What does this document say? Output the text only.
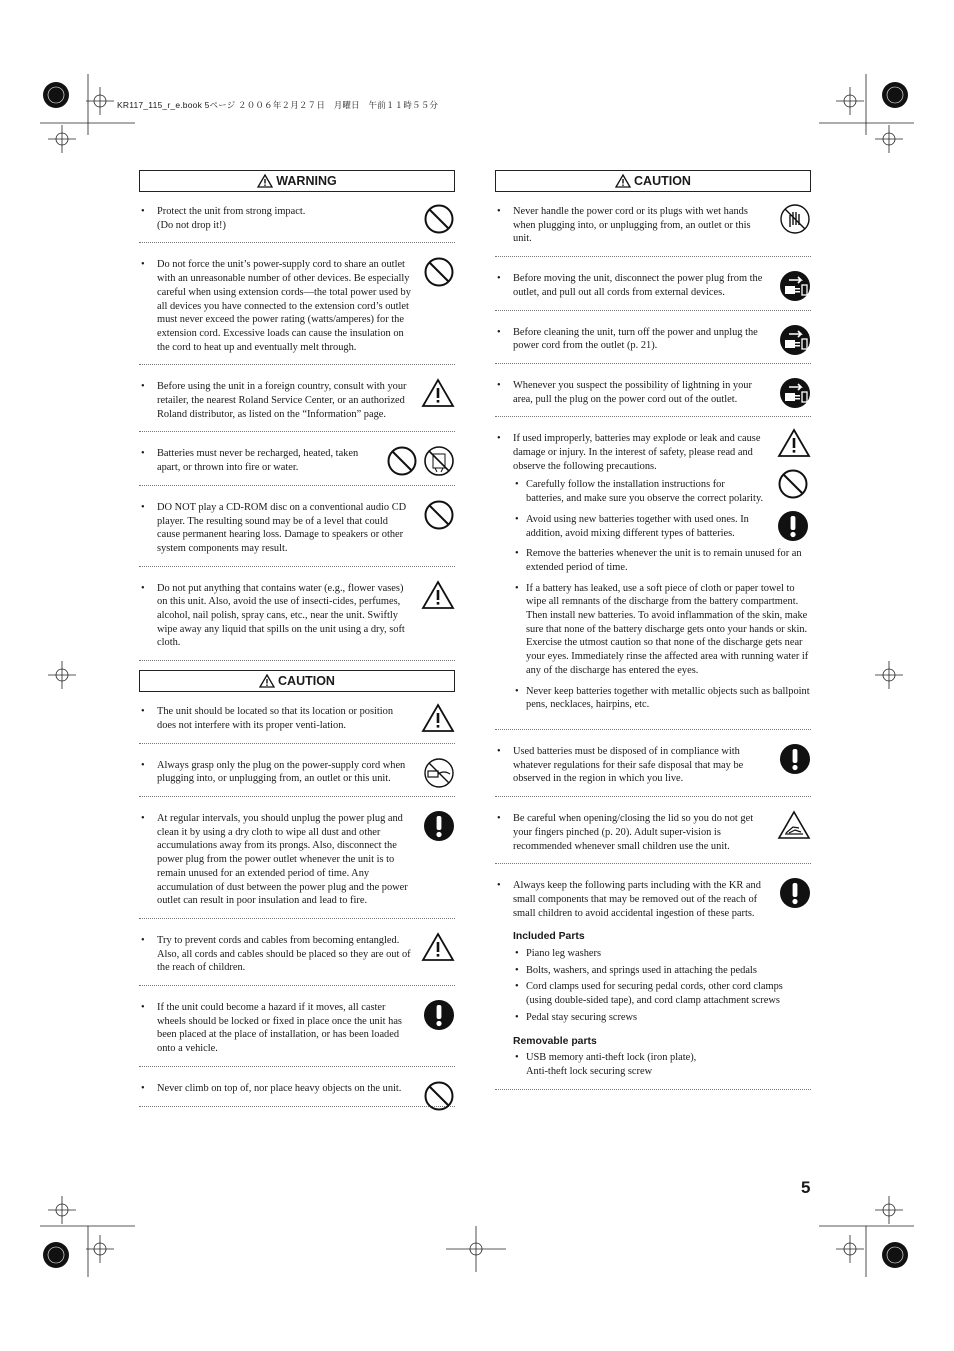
KR117_115_r_e.book 5ページ ２００６年２月２７日　月曜日　午前１１時５５分
WARNING
• Protect the unit from strong impact.
(Do not drop it!)
• Do not force the unit’s power-supply cord to share an outlet with an unreasonable number of other devices. Be especially careful when using extension cords—the total power used by all devices you have connected to the extension cord’s outlet must never exceed the power rating (watts/amperes) for the extension cord. Excessive loads can cause the insulation on the cord to heat up and eventually melt through.
• Before using the unit in a foreign country, consult with your retailer, the nearest Roland Service Center, or an authorized Roland distributor, as listed on the “Information” page.
• Batteries must never be recharged, heated, taken apart, or thrown into fire or water.
• DO NOT play a CD-ROM disc on a conventional audio CD player. The resulting sound may be of a level that could cause permanent hearing loss. Damage to speakers or other system components may result.
• Do not put anything that contains water (e.g., flower vases) on this unit. Also, avoid the use of insecti-cides, perfumes, alcohol, nail polish, spray cans, etc., near the unit. Swiftly wipe away any liquid that spills on the unit using a dry, soft cloth.
CAUTION
• The unit should be located so that its location or position does not interfere with its proper venti-lation.
• Always grasp only the plug on the power-supply cord when plugging into, or unplugging from, an outlet or this unit.
• At regular intervals, you should unplug the power plug and clean it by using a dry cloth to wipe all dust and other accumulations away from its prongs. Also, disconnect the power plug from the power outlet whenever the unit is to remain unused for an extended period of time. Any accumulation of dust between the power plug and the power outlet can result in poor insulation and lead to fire.
• Try to prevent cords and cables from becoming entangled. Also, all cords and cables should be placed so they are out of the reach of children.
• If the unit could become a hazard if it moves, all caster wheels should be locked or fixed in place once the unit has been placed at the place of installation, or has been loaded onto a vehicle.
• Never climb on top of, nor place heavy objects on the unit.
CAUTION
• Never handle the power cord or its plugs with wet hands when plugging into, or unplugging from, an outlet or this unit.
• Before moving the unit, disconnect the power plug from the outlet, and pull out all cords from external devices.
• Before cleaning the unit, turn off the power and unplug the power cord from the outlet (p. 21).
• Whenever you suspect the possibility of lightning in your area, pull the plug on the power cord out of the outlet.
• If used improperly, batteries may explode or leak and cause damage or injury. In the interest of safety, please read and observe the following precautions.
• Carefully follow the installation instructions for batteries, and make sure you observe the correct polarity.
• Avoid using new batteries together with used ones. In addition, avoid mixing different types of batteries.
• Remove the batteries whenever the unit is to remain unused for an extended period of time.
• If a battery has leaked, use a soft piece of cloth or paper towel to wipe all remnants of the discharge from the battery compartment. Then install new batteries. To avoid inflammation of the skin, make sure that none of the battery discharge gets onto your hands or skin. Exercise the utmost caution so that none of the discharge gets near your eyes. Immediately rinse the affected area with running water if any of the discharge has entered the eyes.
• Never keep batteries together with metallic objects such as ballpoint pens, necklaces, hairpins, etc.
• Used batteries must be disposed of in compliance with whatever regulations for their safe disposal that may be observed in the region in which you live.
• Be careful when opening/closing the lid so you do not get your fingers pinched (p. 20). Adult super-vision is recommended whenever small children use the unit.
• Always keep the following parts including with the KR and small components that may be removed out of the reach of small children to avoid accidental ingestion of these parts.
Included Parts
• Piano leg washers
• Bolts, washers, and springs used in attaching the pedals
• Cord clamps used for securing pedal cords, other cord clamps (using double-sided tape), and cord clamp attachment screws
• Pedal stay securing screws
Removable parts
• USB memory anti-theft lock (iron plate),
Anti-theft lock securing screw
5
